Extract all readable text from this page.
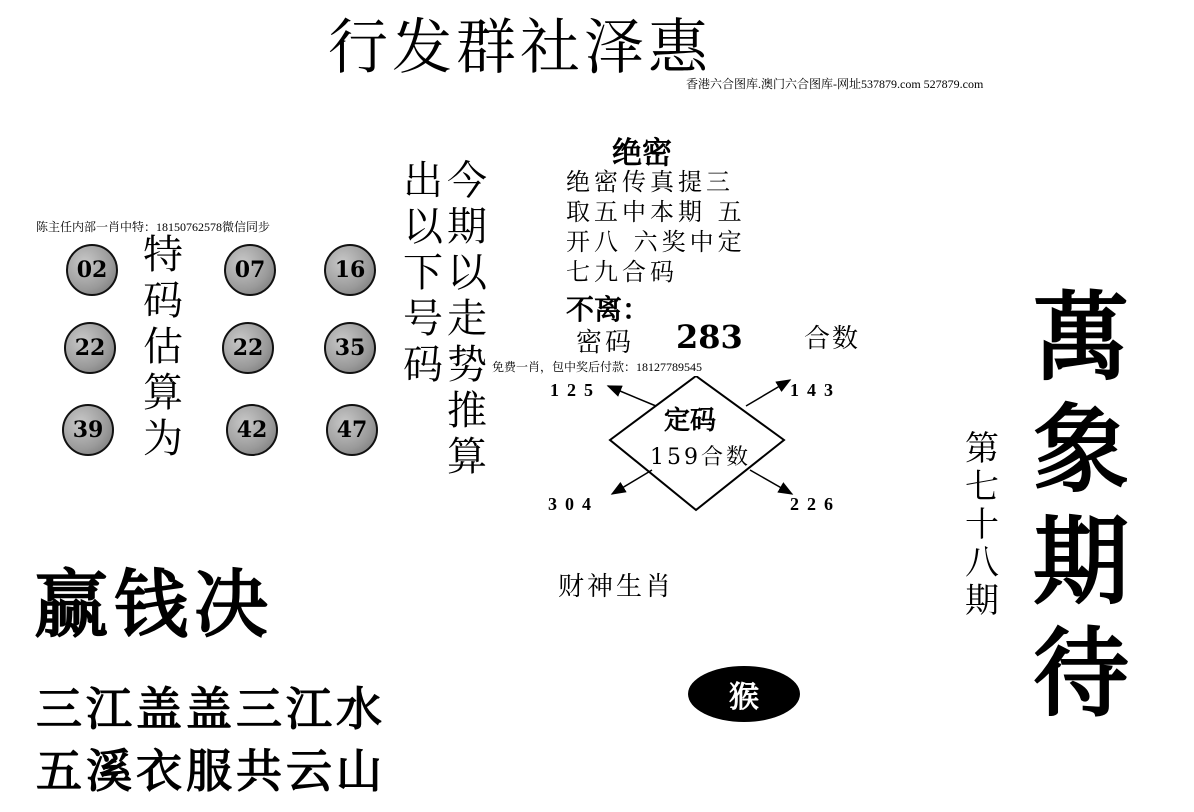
行发群社泽惠
香港六合图库.澳门六合图库-网址537879.com 527879.com
陈主任内部一肖中特：18150762578微信同步
02	07	16
22	22	35
39	42	47
特码估算为
今期以走势推算
出以下号码
绝密
绝密传真提三
取五中本期 五
开八 六奖中定
七九合码
不离：
密码 283 合数
免费一肖，包中奖后付款：18127789545
定码
159合数
125	143
304	226
财神生肖
猴
赢钱决
三江盖盖三江水
五溪衣服共云山
萬象期待
第七十八期
